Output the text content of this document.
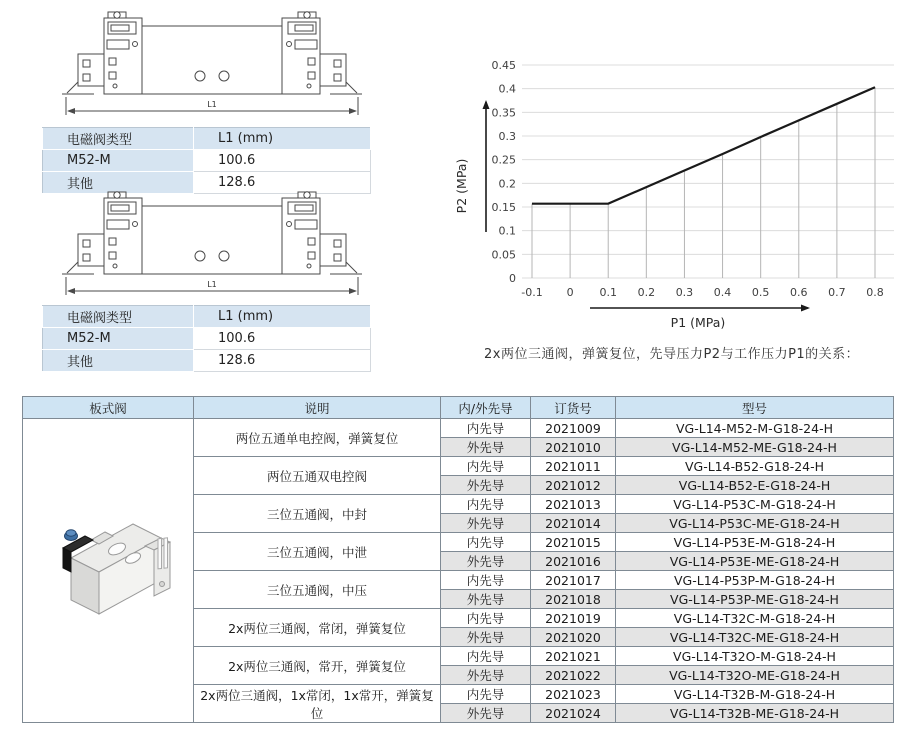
L1
电磁阀类型	L1 (mm)
M52-M	100.6
其他	128.6
L1
电磁阀类型	L1 (mm)
M52-M	100.6
其他	128.6
0
0.05
0.1
0.15
0.2
0.25
0.3
0.35
0.4
0.45
-0.1 0 0.1 0.2 0.3 0.4 0.5 0.6 0.7 0.8
P2 (MPa)
P1 (MPa)
2x两位三通阀，弹簧复位，先导压力P2与工作压力P1的关系：
板式阀	说明	内/外先导	订货号	型号

	两位五通单电控阀，弹簧复位	内先导	2021009	VG-L14-M52-M-G18-24-H
		外先导	2021010	VG-L14-M52-ME-G18-24-H
	两位五通双电控阀	内先导	2021011	VG-L14-B52-G18-24-H
		外先导	2021012	VG-L14-B52-E-G18-24-H
	三位五通阀，中封	内先导	2021013	VG-L14-P53C-M-G18-24-H
		外先导	2021014	VG-L14-P53C-ME-G18-24-H
	三位五通阀，中泄	内先导	2021015	VG-L14-P53E-M-G18-24-H
		外先导	2021016	VG-L14-P53E-ME-G18-24-H
	三位五通阀，中压	内先导	2021017	VG-L14-P53P-M-G18-24-H
		外先导	2021018	VG-L14-P53P-ME-G18-24-H
	2x两位三通阀，常闭，弹簧复位	内先导	2021019	VG-L14-T32C-M-G18-24-H
		外先导	2021020	VG-L14-T32C-ME-G18-24-H
	2x两位三通阀，常开，弹簧复位	内先导	2021021	VG-L14-T32O-M-G18-24-H
		外先导	2021022	VG-L14-T32O-ME-G18-24-H
	2x两位三通阀，1x常闭，1x常开，弹簧复位	内先导	2021023	VG-L14-T32B-M-G18-24-H
		外先导	2021024	VG-L14-T32B-ME-G18-24-H
